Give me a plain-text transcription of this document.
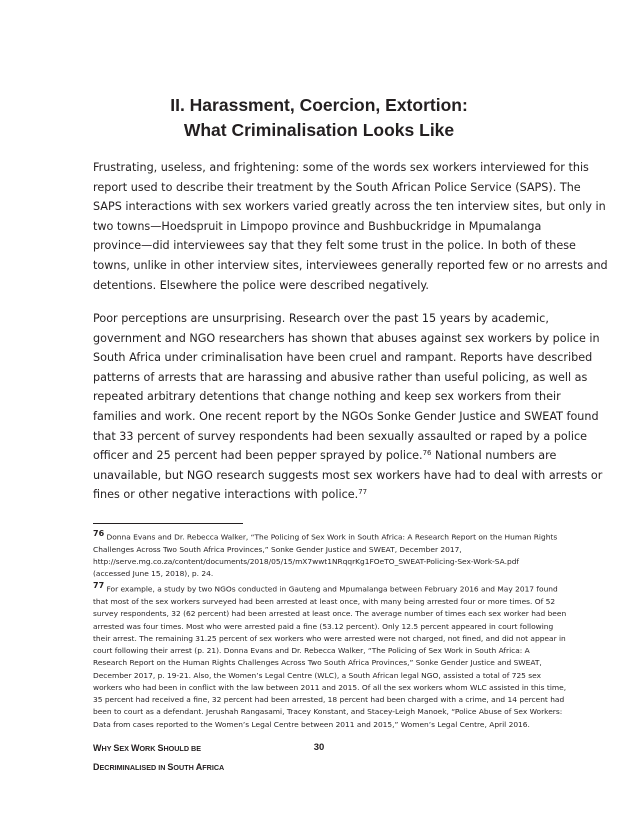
II. Harassment, Coercion, Extortion:
What Criminalisation Looks Like
Frustrating, useless, and frightening: some of the words sex workers interviewed for this
report used to describe their treatment by the South African Police Service (SAPS). The
SAPS interactions with sex workers varied greatly across the ten interview sites, but only in
two towns—Hoedspruit in Limpopo province and Bushbuckridge in Mpumalanga
province—did interviewees say that they felt some trust in the police. In both of these
towns, unlike in other interview sites, interviewees generally reported few or no arrests and
detentions. Elsewhere the police were described negatively.
Poor perceptions are unsurprising. Research over the past 15 years by academic,
government and NGO researchers has shown that abuses against sex workers by police in
South Africa under criminalisation have been cruel and rampant. Reports have described
patterns of arrests that are harassing and abusive rather than useful policing, as well as
repeated arbitrary detentions that change nothing and keep sex workers from their
families and work. One recent report by the NGOs Sonke Gender Justice and SWEAT found
that 33 percent of survey respondents had been sexually assaulted or raped by a police
officer and 25 percent had been pepper sprayed by police.$^{76}$ National numbers are
unavailable, but NGO research suggests most sex workers have had to deal with arrests or
fines or other negative interactions with police.$^{77}$
$^{76}$ Donna Evans and Dr. Rebecca Walker, “The Policing of Sex Work in South Africa: A Research Report on the Human Rights
Challenges Across Two South Africa Provinces,” Sonke Gender Justice and SWEAT, December 2017,
http://serve.mg.co.za/content/documents/2018/05/15/mX7wwt1NRqqrKg1FOeTO_SWEAT-Policing-Sex-Work-SA.pdf
(accessed June 15, 2018), p. 24.
$^{77}$ For example, a study by two NGOs conducted in Gauteng and Mpumalanga between February 2016 and May 2017 found
that most of the sex workers surveyed had been arrested at least once, with many being arrested four or more times. Of 52
survey respondents, 32 (62 percent) had been arrested at least once. The average number of times each sex worker had been
arrested was four times. Most who were arrested paid a fine (53.12 percent). Only 12.5 percent appeared in court following
their arrest. The remaining 31.25 percent of sex workers who were arrested were not charged, not fined, and did not appear in
court following their arrest (p. 21). Donna Evans and Dr. Rebecca Walker, “The Policing of Sex Work in South Africa: A
Research Report on the Human Rights Challenges Across Two South Africa Provinces,” Sonke Gender Justice and SWEAT,
December 2017, p. 19-21. Also, the Women’s Legal Centre (WLC), a South African legal NGO, assisted a total of 725 sex
workers who had been in conflict with the law between 2011 and 2015. Of all the sex workers whom WLC assisted in this time,
35 percent had received a fine, 32 percent had been arrested, 18 percent had been charged with a crime, and 14 percent had
been to court as a defendant. Jerushah Rangasami, Tracey Konstant, and Stacey-Leigh Manoek, “Police Abuse of Sex Workers:
Data from cases reported to the Women’s Legal Centre between 2011 and 2015,” Women’s Legal Centre, April 2016.
WHY SEX WORK SHOULD BE
DECRIMINALISED IN SOUTH AFRICA
30
